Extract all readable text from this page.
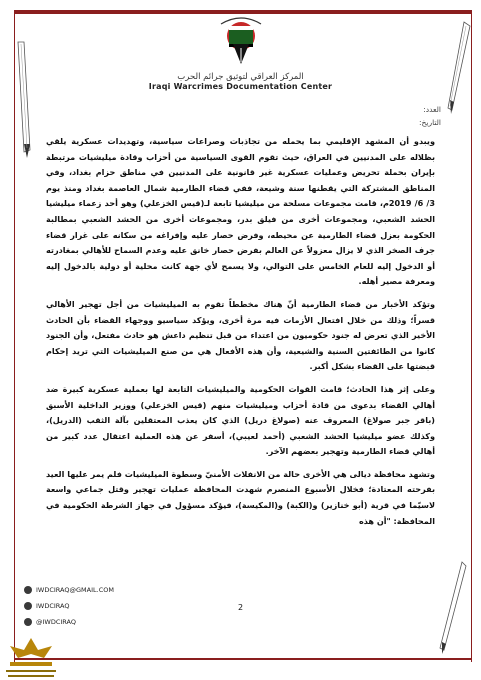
المركز العراقي لتوثيق جرائم الحرب
Iraqi Warcrimes Documentation Center
العدد:
التاريخ:

ويبدو أن المشهد الإقليمي بما يحمله من تجاذبات وصراعات سياسية، وتهديدات عسكرية يلقي بظلاله على المدنيين في العراق، حيث تقوم القوى السياسية من أحزاب وقادة ميليشيات مرتبطة بإيران بحملة تحريض وعمليات عسكرية غير قانونية على المدنيين في مناطق حزام بغداد، وفي المناطق المشتركة التي يقطنها سنة وشيعة، ففي قضاء الطارمية شمال العاصمة بغداد ومنذ يوم 3/ 6/ 2019م، قامت مجموعات مسلحة من ميليشيا تابعة لـ(قيس الخزعلي) وهو أحد زعماء ميليشيا الحشد الشعبي، ومجموعات أخرى من فيلق بدر، ومجموعات أخرى من الحشد الشعبي بمطالبة الحكومة بعزل قضاء الطارمية عن محيطه، وفرض حصار عليه وإفراغه من سكانه على غرار قضاء جرف الصخر الذي لا يزال معزولاً عن العالم بفرض حصار خانق عليه وعدم السماح للأهالي بمغادرته أو الدخول إليه للعام الخامس على التوالي، ولا يسمح لأي جهة كانت محلية أو دولية بالدخول إليه ومعرفة مصير أهله.

وتؤكد الأخبار من قضاء الطارمية أنّ هناك مخططاً تقوم به الميليشيات من أجل تهجير الأهالي قسراً؛ وذلك من خلال افتعال الأزمات فيه مرة أخرى، ويؤكد سياسيو ووجهاء القضاء بأن الحادث الأخير الذي تعرض له جنود حكوميون من اعتداء من قبل تنظيم داعش هو حادث مفتعل، وأن الجنود كانوا من الطائفتين السنية والشيعية، وأن هذه الأفعال هي من صنع الميليشيات التي تريد إحكام قبضتها على القضاء بشكل أكبر.

وعلى إثر هذا الحادث؛ قامت القوات الحكومية والميليشيات التابعة لها بعملية عسكرية كبيرة ضد أهالي القضاء بدعوى من قادة أحزاب وميليشيات منهم (قيس الخزعلي) ووزير الداخلية الأسبق (باقر جبر صولاغ) المعروف عنه (صولاغ دريل) الذي كان يعذب المعتقلين بآلة الثقب (الدريل)، وكذلك عضو ميليشيا الحشد الشعبي (أحمد لعيبي)، أسفر عن هذه العملية اعتقال عدد كبير من أهالي قضاء الطارمية وتهجير بعضهم الآخر.

وتشهد محافظة ديالى هي الأخرى حالة من الانفلات الأمنيّ وسطوة الميليشيات فلم يمر عليها العيد بفرحته المعتادة؛ فخلال الأسبوع المنصرم شهدت المحافظة عمليات تهجير وقتل جماعي واسعة لاسيّما في قرية (أبو خنازير) و(الكبة) و(المكيسة)، فيؤكد مسؤول في جهاز الشرطة الحكومية في المحافظة: "أن هذه

IWDCIRAQ@GMAIL.COM
IWDCIRAQ
@IWDCIRAQ
2
